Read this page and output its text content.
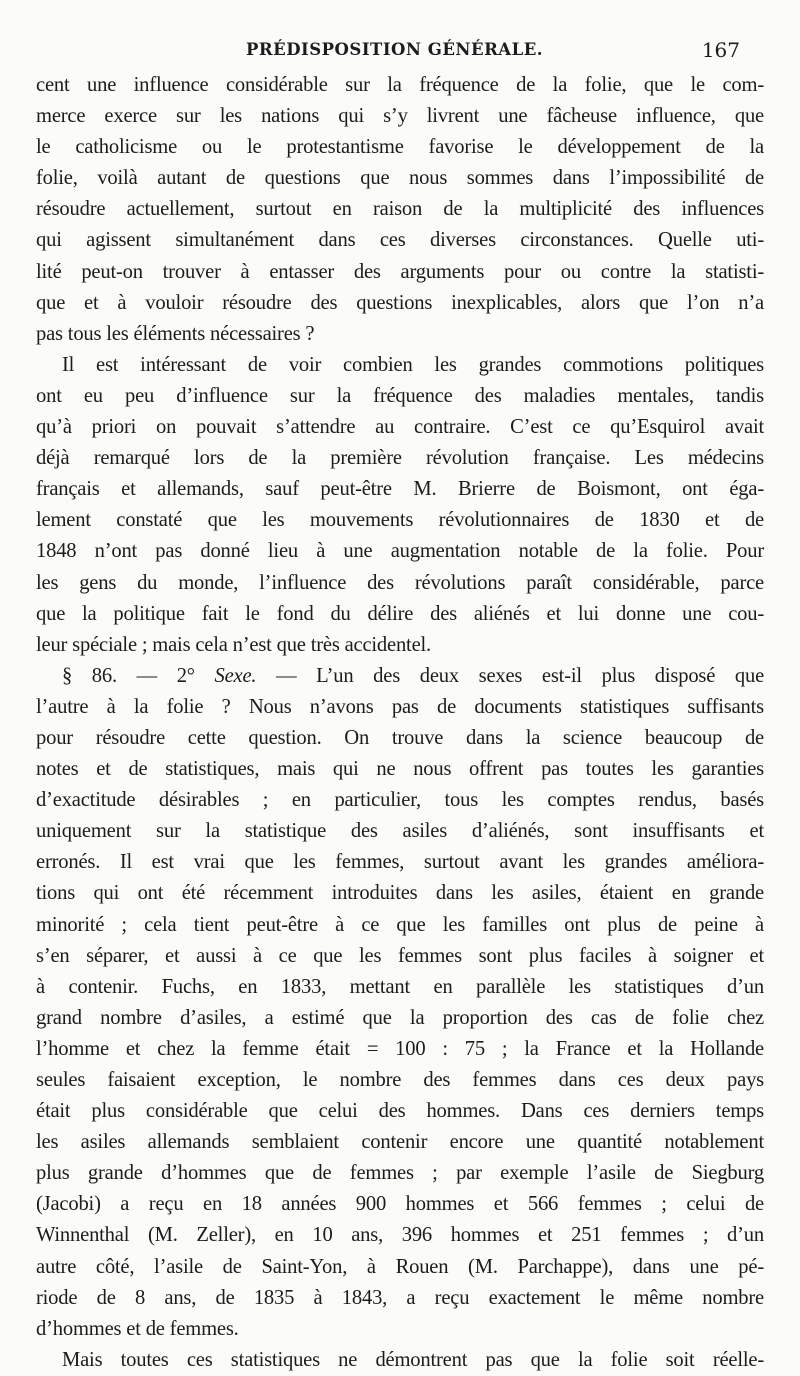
PRÉDISPOSITION GÉNÉRALE.	167
cent une influence considérable sur la fréquence de la folie, que le com-
merce exerce sur les nations qui s’y livrent une fâcheuse influence, que
le catholicisme ou le protestantisme favorise le développement de la
folie, voilà autant de questions que nous sommes dans l’impossibilité de
résoudre actuellement, surtout en raison de la multiplicité des influences
qui agissent simultanément dans ces diverses circonstances. Quelle uti-
lité peut-on trouver à entasser des arguments pour ou contre la statisti-
que et à vouloir résoudre des questions inexplicables, alors que l’on n’a
pas tous les éléments nécessaires ?
Il est intéressant de voir combien les grandes commotions politiques
ont eu peu d’influence sur la fréquence des maladies mentales, tandis
qu’à priori on pouvait s’attendre au contraire. C’est ce qu’Esquirol avait
déjà remarqué lors de la première révolution française. Les médecins
français et allemands, sauf peut-être M. Brierre de Boismont, ont éga-
lement constaté que les mouvements révolutionnaires de 1830 et de
1848 n’ont pas donné lieu à une augmentation notable de la folie. Pour
les gens du monde, l’influence des révolutions paraît considérable, parce
que la politique fait le fond du délire des aliénés et lui donne une cou-
leur spéciale ; mais cela n’est que très accidentel.
§ 86. — 2° Sexe. — L’un des deux sexes est-il plus disposé que
l’autre à la folie ? Nous n’avons pas de documents statistiques suffisants
pour résoudre cette question. On trouve dans la science beaucoup de
notes et de statistiques, mais qui ne nous offrent pas toutes les garanties
d’exactitude désirables ; en particulier, tous les comptes rendus, basés
uniquement sur la statistique des asiles d’aliénés, sont insuffisants et
erronés. Il est vrai que les femmes, surtout avant les grandes améliora-
tions qui ont été récemment introduites dans les asiles, étaient en grande
minorité ; cela tient peut-être à ce que les familles ont plus de peine à
s’en séparer, et aussi à ce que les femmes sont plus faciles à soigner et
à contenir. Fuchs, en 1833, mettant en parallèle les statistiques d’un
grand nombre d’asiles, a estimé que la proportion des cas de folie chez
l’homme et chez la femme était = 100 : 75 ; la France et la Hollande
seules faisaient exception, le nombre des femmes dans ces deux pays
était plus considérable que celui des hommes. Dans ces derniers temps
les asiles allemands semblaient contenir encore une quantité notablement
plus grande d’hommes que de femmes ; par exemple l’asile de Siegburg
(Jacobi) a reçu en 18 années 900 hommes et 566 femmes ; celui de
Winnenthal (M. Zeller), en 10 ans, 396 hommes et 251 femmes ; d’un
autre côté, l’asile de Saint-Yon, à Rouen (M. Parchappe), dans une pé-
riode de 8 ans, de 1835 à 1843, a reçu exactement le même nombre
d’hommes et de femmes.
Mais toutes ces statistiques ne démontrent pas que la folie soit réelle-
